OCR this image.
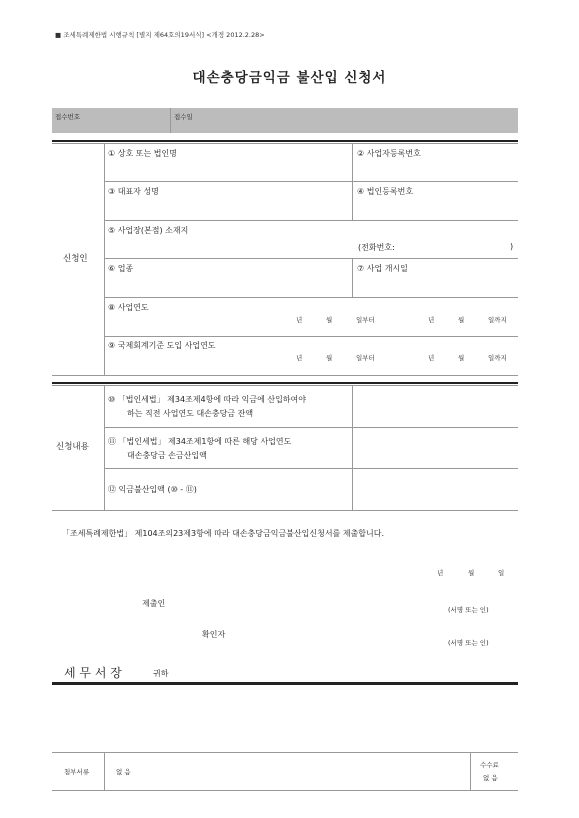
■ 조세특례제한법 시행규칙 [별지 제64호의19서식] <개정 2012.2.28>
대손충당금익금 불산입 신청서
접수번호	접수일
신청인
① 상호 또는 법인명	② 사업자등록번호
③ 대표자 성명	④ 법인등록번호
⑤ 사업장(본점) 소재지
(전화번호:	)
⑥ 업종	⑦ 사업 개시일
⑧ 사업연도
년	월	일부터	년	월	일까지
⑨ 국제회계기준 도입 사업연도
년	월	일부터	년	월	일까지
신청내용
⑩ 「법인세법」 제34조제4항에 따라 익금에 산입하여야
하는 직전 사업연도 대손충당금 잔액
⑪ 「법인세법」 제34조제1항에 따른 해당 사업연도
대손충당금 손금산입액
⑫ 익금불산입액 (⑩ - ⑪)
「조세특례제한법」 제104조의23제3항에 따라 대손충당금익금불산입신청서를 제출합니다.
년	월	일
제출인
(서명 또는 인)
확인자
(서명 또는 인)
세 무 서 장	귀하
첨부서류	없 음
수수료
없 음
